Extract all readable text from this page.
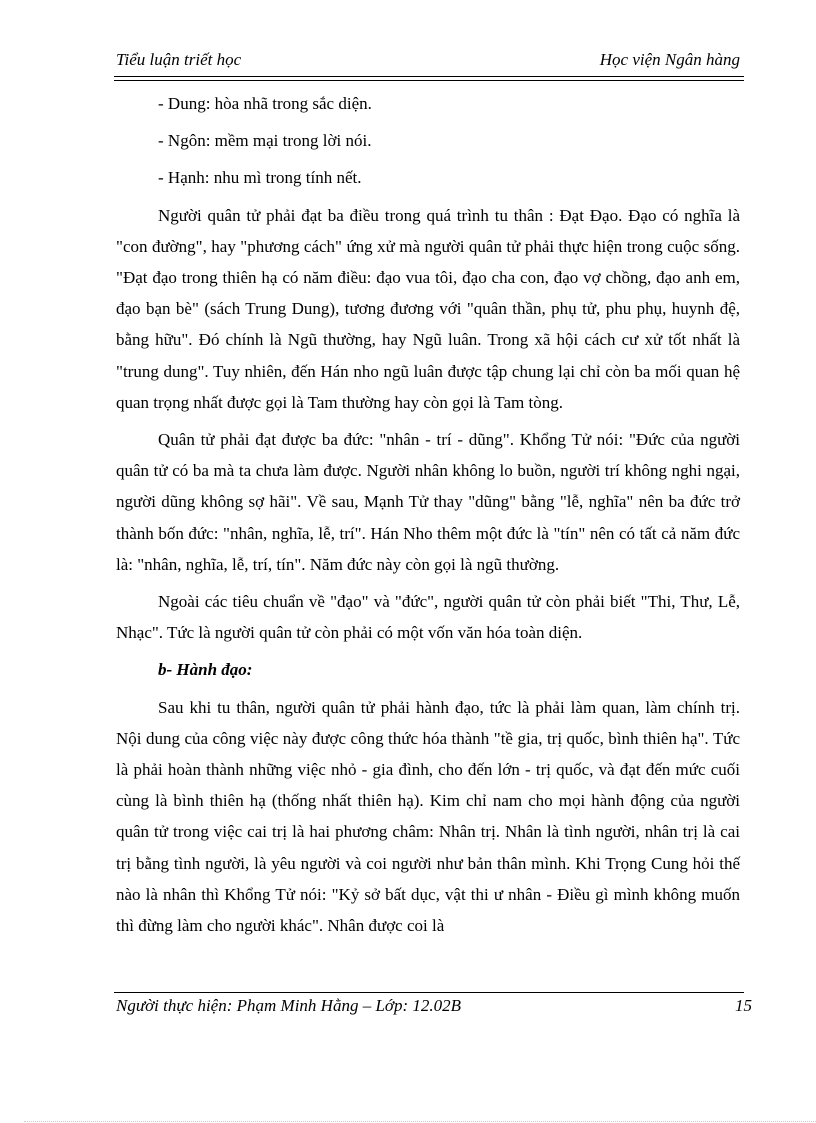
Tiểu luận triết học	Học viện Ngân hàng

- Dung: hòa nhã trong sắc diện.

- Ngôn: mềm mại trong lời nói.

- Hạnh: nhu mì trong tính nết.

Người quân tử phải đạt ba điều trong quá trình tu thân : Đạt Đạo. Đạo có nghĩa là "con đường", hay "phương cách" ứng xử mà người quân tử phải thực hiện trong cuộc sống. "Đạt đạo trong thiên hạ có năm điều: đạo vua tôi, đạo cha con, đạo vợ chồng, đạo anh em, đạo bạn bè" (sách Trung Dung), tương đương với "quân thần, phụ tử, phu phụ, huynh đệ, bằng hữu". Đó chính là Ngũ thường, hay Ngũ luân. Trong xã hội cách cư xử tốt nhất là "trung dung". Tuy nhiên, đến Hán nho ngũ luân được tập chung lại chỉ còn ba mối quan hệ quan trọng nhất được gọi là Tam thường hay còn gọi là Tam tòng.

Quân tử phải đạt được ba đức: "nhân - trí - dũng". Khổng Tử nói: "Đức của người quân tử có ba mà ta chưa làm được. Người nhân không lo buồn, người trí không nghi ngại, người dũng không sợ hãi". Về sau, Mạnh Tử thay "dũng" bằng "lễ, nghĩa" nên ba đức trở thành bốn đức: "nhân, nghĩa, lễ, trí". Hán Nho thêm một đức là "tín" nên có tất cả năm đức là: "nhân, nghĩa, lễ, trí, tín". Năm đức này còn gọi là ngũ thường.

Ngoài các tiêu chuẩn về "đạo" và "đức", người quân tử còn phải biết "Thi, Thư, Lễ, Nhạc". Tức là người quân tử còn phải có một vốn văn hóa toàn diện.

b- Hành đạo:

Sau khi tu thân, người quân tử phải hành đạo, tức là phải làm quan, làm chính trị. Nội dung của công việc này được công thức hóa thành "tề gia, trị quốc, bình thiên hạ". Tức là phải hoàn thành những việc nhỏ - gia đình, cho đến lớn - trị quốc, và đạt đến mức cuối cùng là bình thiên hạ (thống nhất thiên hạ). Kim chỉ nam cho mọi hành động của người quân tử trong việc cai trị là hai phương châm: Nhân trị. Nhân là tình người, nhân trị là cai trị bằng tình người, là yêu người và coi người như bản thân mình. Khi Trọng Cung hỏi thế nào là nhân thì Khổng Tử nói: "Kỷ sở bất dục, vật thi ư nhân - Điều gì mình không muốn thì đừng làm cho người khác". Nhân được coi là

Người thực hiện: Phạm Minh Hằng – Lớp: 12.02B	15
